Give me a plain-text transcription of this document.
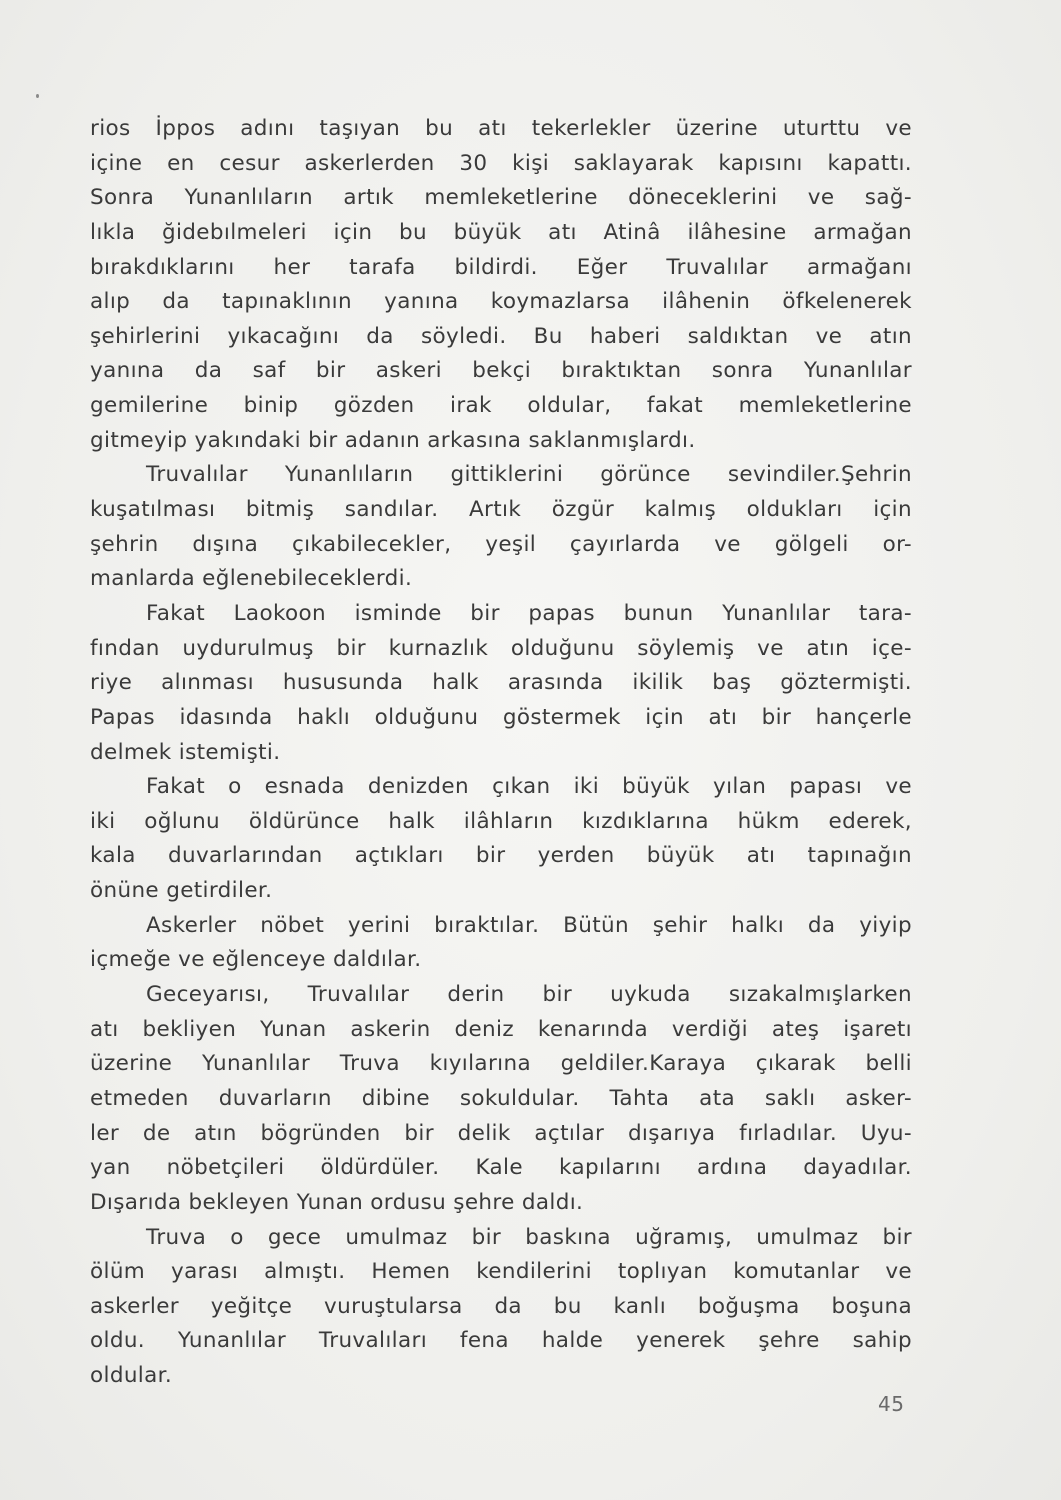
rios İppos adını taşıyan bu atı tekerlekler üzerine uturttu ve
içine en cesur askerlerden 30 kişi saklayarak kapısını kapattı.
Sonra Yunanlıların artık memleketlerine döneceklerini ve sağ-
lıkla ğidebılmeleri için bu büyük atı Atinâ ilâhesine armağan
bırakdıklarını her tarafa bildirdi. Eğer Truvalılar armağanı
alıp da tapınaklının yanına koymazlarsa ilâhenin öfkelenerek
şehirlerini yıkacağını da söyledi. Bu haberi saldıktan ve atın
yanına da saf bir askeri bekçi bıraktıktan sonra Yunanlılar
gemilerine binip gözden irak oldular, fakat memleketlerine
gitmeyip yakındaki bir adanın arkasına saklanmışlardı.
Truvalılar Yunanlıların gittiklerini görünce sevindiler.Şehrin
kuşatılması bitmiş sandılar. Artık özgür kalmış oldukları için
şehrin dışına çıkabilecekler, yeşil çayırlarda ve gölgeli or-
manlarda eğlenebileceklerdi.
Fakat Laokoon isminde bir papas bunun Yunanlılar tara-
fından uydurulmuş bir kurnazlık olduğunu söylemiş ve atın içe-
riye alınması hususunda halk arasında ikilik baş göztermişti.
Papas idasında haklı olduğunu göstermek için atı bir hançerle
delmek istemişti.
Fakat o esnada denizden çıkan iki büyük yılan papası ve
iki oğlunu öldürünce halk ilâhların kızdıklarına hükm ederek,
kala duvarlarından açtıkları bir yerden büyük atı tapınağın
önüne getirdiler.
Askerler nöbet yerini bıraktılar. Bütün şehir halkı da yiyip
içmeğe ve eğlenceye daldılar.
Geceyarısı, Truvalılar derin bir uykuda sızakalmışlarken
atı bekliyen Yunan askerin deniz kenarında verdiği ateş işaretı
üzerine Yunanlılar Truva kıyılarına geldiler.Karaya çıkarak belli
etmeden duvarların dibine sokuldular. Tahta ata saklı asker-
ler de atın bögründen bir delik açtılar dışarıya fırladılar. Uyu-
yan nöbetçileri öldürdüler. Kale kapılarını ardına dayadılar.
Dışarıda bekleyen Yunan ordusu şehre daldı.
Truva o gece umulmaz bir baskına uğramış, umulmaz bir
ölüm yarası almıştı. Hemen kendilerini toplıyan komutanlar ve
askerler yeğitçe vuruştularsa da bu kanlı boğuşma boşuna
oldu. Yunanlılar Truvalıları fena halde yenerek şehre sahip
oldular.
45
